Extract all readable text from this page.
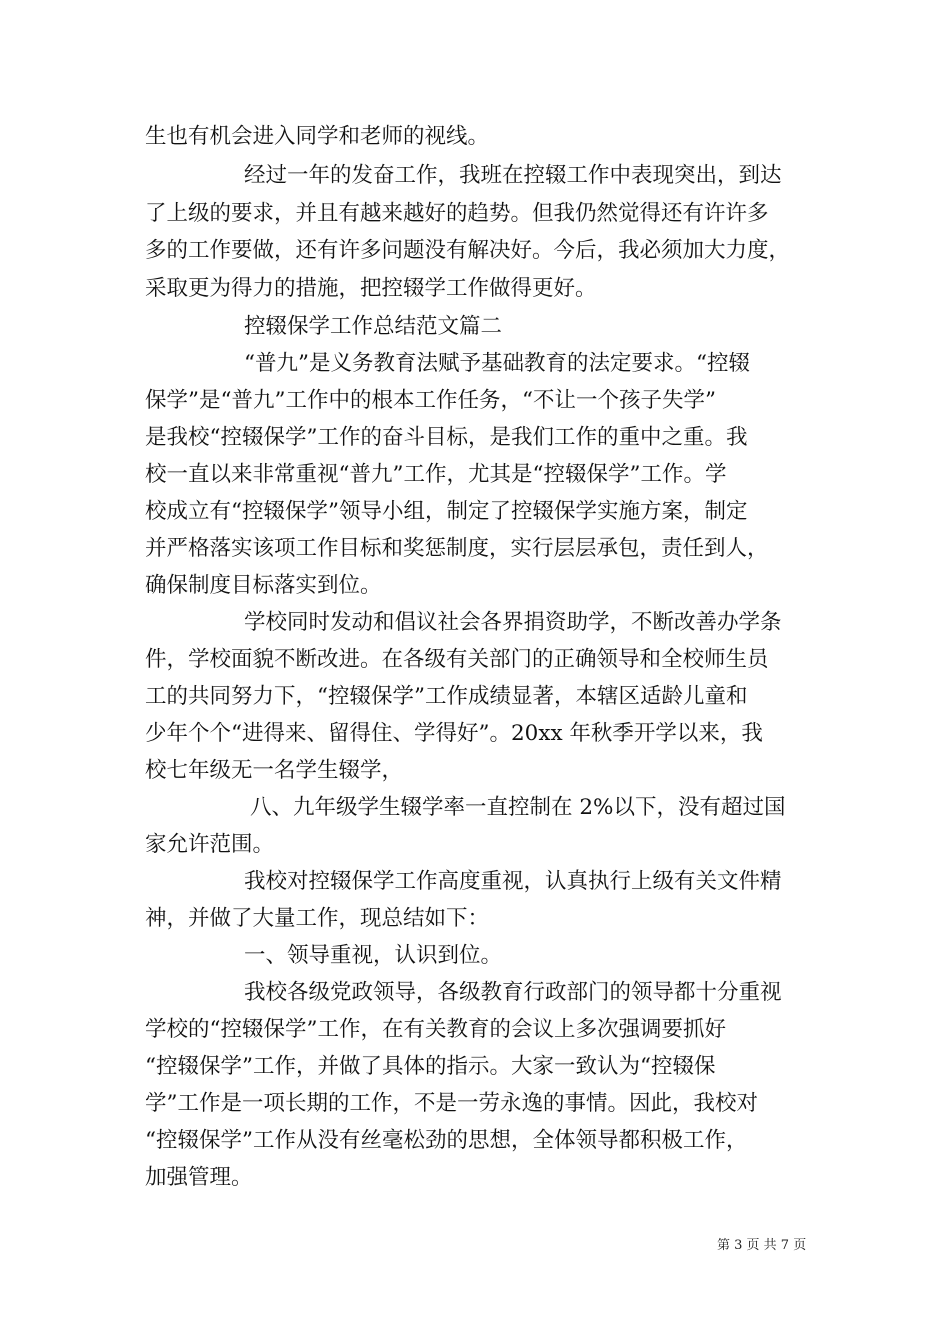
生也有机会进入同学和老师的视线。

经过一年的发奋工作，我班在控辍工作中表现突出，到达

了上级的要求，并且有越来越好的趋势。但我仍然觉得还有许许多

多的工作要做，还有许多问题没有解决好。今后，我必须加大力度，

采取更为得力的措施，把控辍学工作做得更好。

控辍保学工作总结范文篇二

“普九”是义务教育法赋予基础教育的法定要求。“控辍

保学”是“普九”工作中的根本工作任务，“不让一个孩子失学”

是我校“控辍保学”工作的奋斗目标，是我们工作的重中之重。我

校一直以来非常重视“普九”工作，尤其是“控辍保学”工作。学

校成立有“控辍保学”领导小组，制定了控辍保学实施方案，制定

并严格落实该项工作目标和奖惩制度，实行层层承包，责任到人，

确保制度目标落实到位。

学校同时发动和倡议社会各界捐资助学，不断改善办学条

件，学校面貌不断改进。在各级有关部门的正确领导和全校师生员

工的共同努力下，“控辍保学”工作成绩显著，本辖区适龄儿童和

少年个个“进得来、留得住、学得好”。20xx 年秋季开学以来，我

校七年级无一名学生辍学，

八、九年级学生辍学率一直控制在 2%以下，没有超过国

家允许范围。

我校对控辍保学工作高度重视，认真执行上级有关文件精

神，并做了大量工作，现总结如下：

一、领导重视，认识到位。

我校各级党政领导，各级教育行政部门的领导都十分重视

学校的“控辍保学”工作，在有关教育的会议上多次强调要抓好

“控辍保学”工作，并做了具体的指示。大家一致认为“控辍保

学”工作是一项长期的工作，不是一劳永逸的事情。因此，我校对

“控辍保学”工作从没有丝毫松劲的思想，全体领导都积极工作，

加强管理。

第 3 页 共 7 页
